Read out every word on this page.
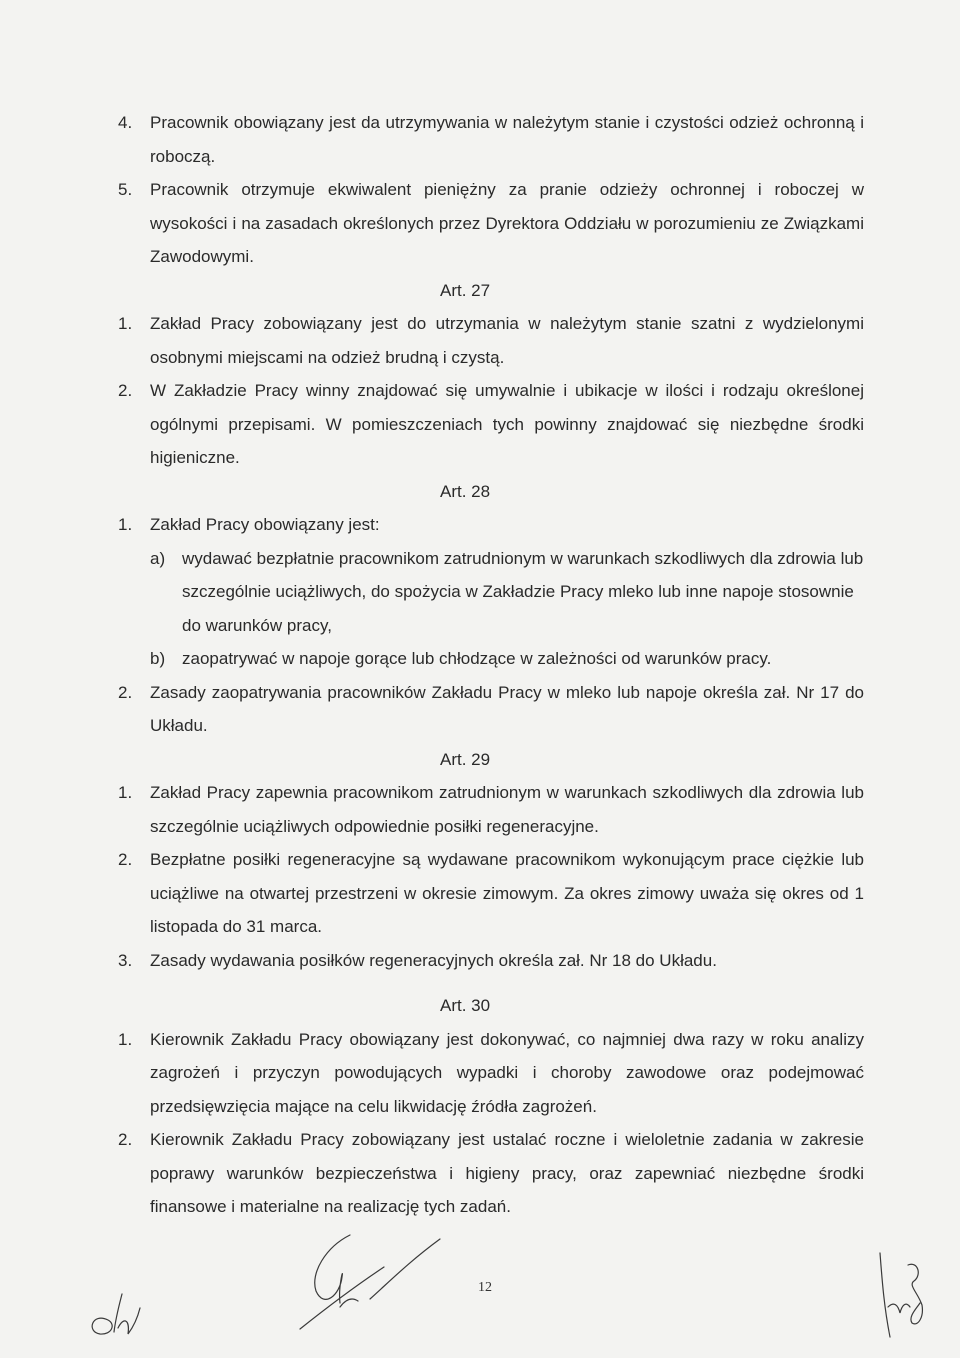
4. Pracownik obowiązany jest da utrzymywania w należytym stanie i czystości odzież ochronną i roboczą.

5. Pracownik otrzymuje ekwiwalent pieniężny za pranie odzieży ochronnej i roboczej w wysokości i na zasadach określonych przez Dyrektora Oddziału w porozumieniu ze Związkami Zawodowymi.

Art. 27

1. Zakład Pracy zobowiązany jest do utrzymania w należytym stanie szatni z wydzielonymi osobnymi miejscami na odzież brudną i czystą.

2. W Zakładzie Pracy winny znajdować się umywalnie i ubikacje w ilości i rodzaju określonej ogólnymi przepisami. W pomieszczeniach tych powinny znajdować się niezbędne środki higieniczne.

Art. 28

1. Zakład Pracy obowiązany jest:

a) wydawać bezpłatnie pracownikom zatrudnionym w warunkach szkodliwych dla zdrowia lub szczególnie uciążliwych, do spożycia w Zakładzie Pracy mleko lub inne napoje stosownie do warunków pracy,

b) zaopatrywać w napoje gorące lub chłodzące w zależności od warunków pracy.

2. Zasady zaopatrywania pracowników Zakładu Pracy w mleko lub napoje określa zał. Nr 17 do Układu.

Art. 29

1. Zakład Pracy zapewnia pracownikom zatrudnionym w warunkach szkodliwych dla zdrowia lub szczególnie uciążliwych odpowiednie posiłki regeneracyjne.

2. Bezpłatne posiłki regeneracyjne są wydawane pracownikom wykonującym prace ciężkie lub uciążliwe na otwartej przestrzeni w okresie zimowym. Za okres zimowy uważa się okres od 1 listopada do 31 marca.

3. Zasady wydawania posiłków regeneracyjnych określa zał. Nr 18 do Układu.

Art. 30

1. Kierownik Zakładu Pracy obowiązany jest dokonywać, co najmniej dwa razy w roku analizy zagrożeń i przyczyn powodujących wypadki i choroby zawodowe oraz podejmować przedsięwzięcia mające na celu likwidację źródła zagrożeń.

2. Kierownik Zakładu Pracy zobowiązany jest ustalać roczne i wieloletnie zadania w zakresie poprawy warunków bezpieczeństwa i higieny pracy, oraz zapewniać niezbędne środki finansowe i materialne na realizację tych zadań.

12
